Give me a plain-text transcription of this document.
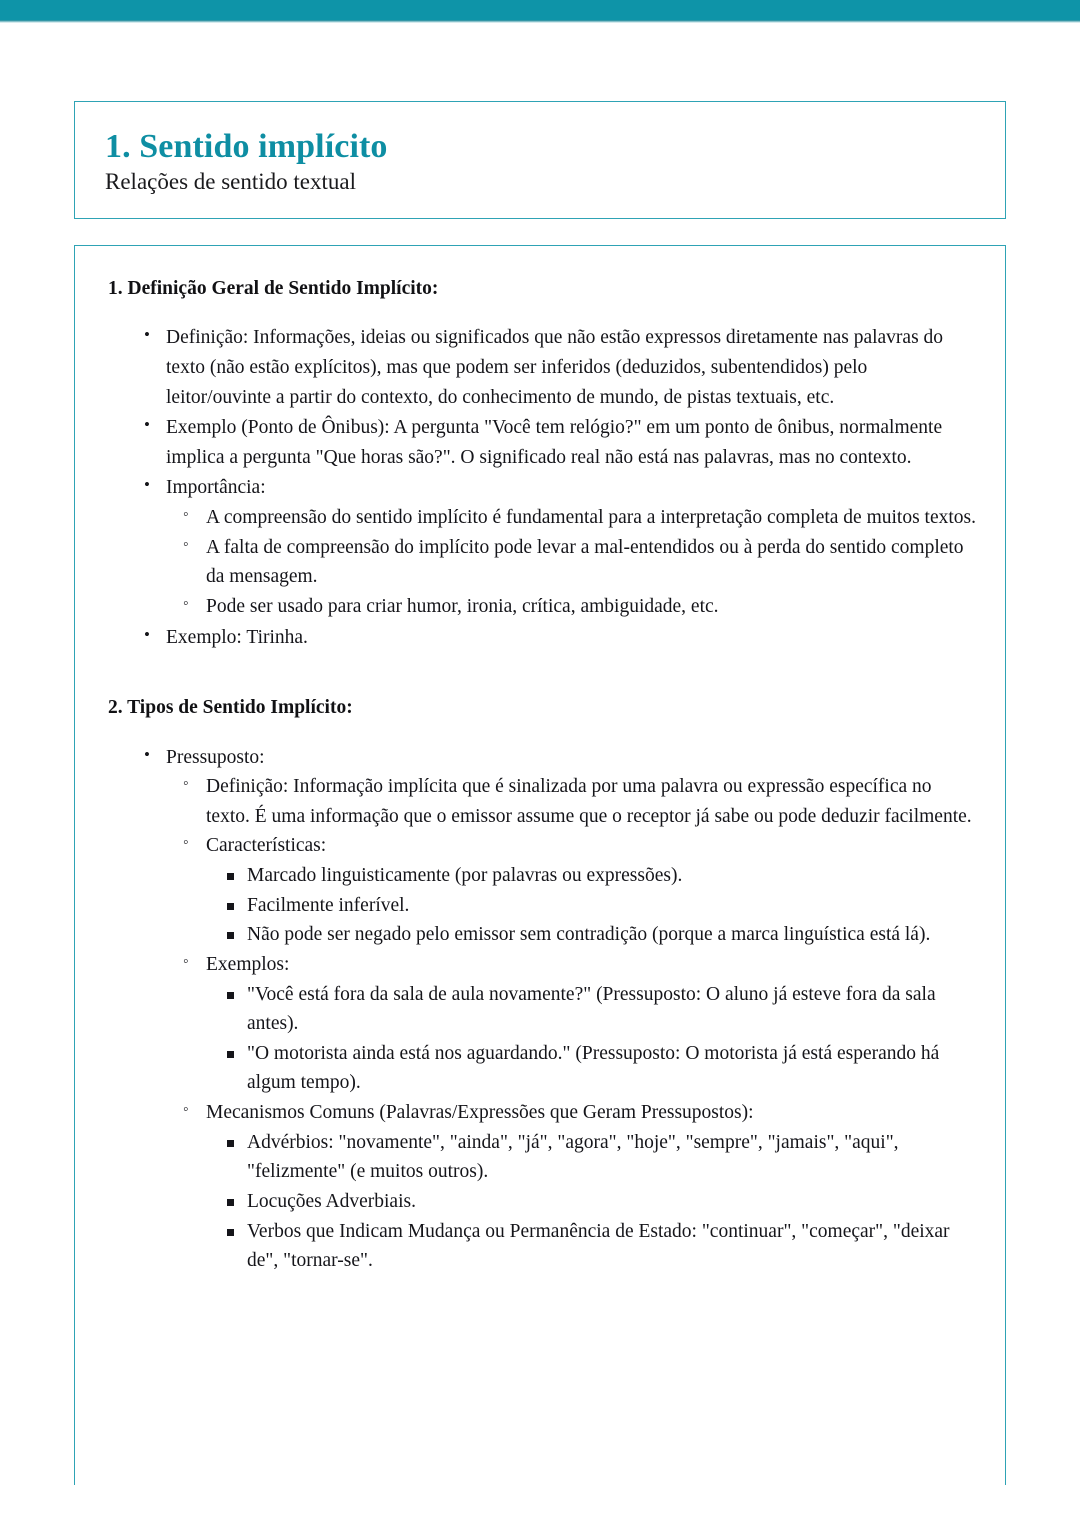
1. Sentido implícito

Relações de sentido textual

1. Definição Geral de Sentido Implícito:
• Definição: Informações, ideias ou significados que não estão expressos diretamente nas palavras do texto (não estão explícitos), mas que podem ser inferidos (deduzidos, subentendidos) pelo leitor/ouvinte a partir do contexto, do conhecimento de mundo, de pistas textuais, etc.
• Exemplo (Ponto de Ônibus): A pergunta "Você tem relógio?" em um ponto de ônibus, normalmente implica a pergunta "Que horas são?". O significado real não está nas palavras, mas no contexto.
• Importância:
◦ A compreensão do sentido implícito é fundamental para a interpretação completa de muitos textos.
◦ A falta de compreensão do implícito pode levar a mal-entendidos ou à perda do sentido completo da mensagem.
◦ Pode ser usado para criar humor, ironia, crítica, ambiguidade, etc.
• Exemplo: Tirinha.
2. Tipos de Sentido Implícito:
• Pressuposto:
◦ Definição: Informação implícita que é sinalizada por uma palavra ou expressão específica no texto. É uma informação que o emissor assume que o receptor já sabe ou pode deduzir facilmente.
◦ Características:
Marcado linguisticamente (por palavras ou expressões).
Facilmente inferível.
Não pode ser negado pelo emissor sem contradição (porque a marca linguística está lá).
◦ Exemplos:
"Você está fora da sala de aula novamente?" (Pressuposto: O aluno já esteve fora da sala antes).
"O motorista ainda está nos aguardando." (Pressuposto: O motorista já está esperando há algum tempo).
◦ Mecanismos Comuns (Palavras/Expressões que Geram Pressupostos):
Advérbios: "novamente", "ainda", "já", "agora", "hoje", "sempre", "jamais", "aqui", "felizmente" (e muitos outros).
Locuções Adverbiais.
Verbos que Indicam Mudança ou Permanência de Estado: "continuar", "começar", "deixar de", "tornar-se".
